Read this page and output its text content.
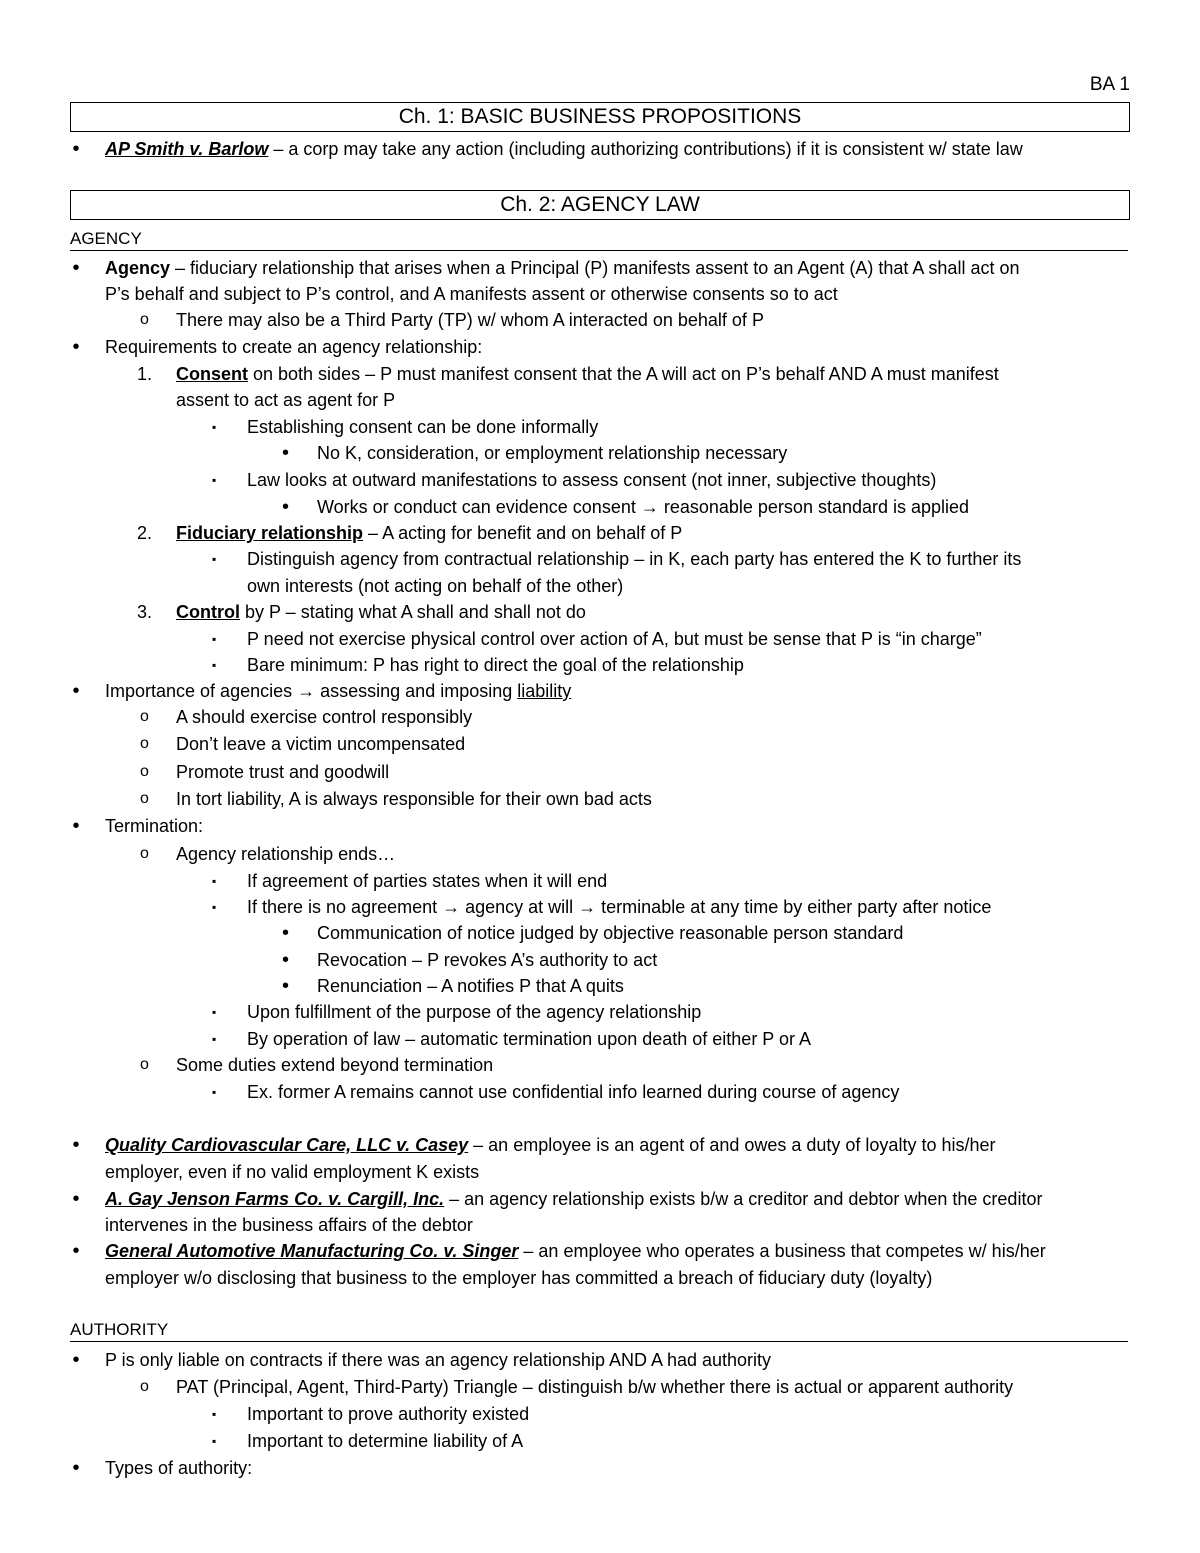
BA 1
Ch. 1: BASIC BUSINESS PROPOSITIONS
• AP Smith v. Barlow – a corp may take any action (including authorizing contributions) if it is consistent w/ state law
Ch. 2: AGENCY LAW
AGENCY
• Agency – fiduciary relationship that arises when a Principal (P) manifests assent to an Agent (A) that A shall act on
P’s behalf and subject to P’s control, and A manifests assent or otherwise consents so to act
o There may also be a Third Party (TP) w/ whom A interacted on behalf of P
• Requirements to create an agency relationship:
1. Consent on both sides – P must manifest consent that the A will act on P’s behalf AND A must manifest
assent to act as agent for P
▪ Establishing consent can be done informally
• No K, consideration, or employment relationship necessary
▪ Law looks at outward manifestations to assess consent (not inner, subjective thoughts)
• Works or conduct can evidence consent → reasonable person standard is applied
2. Fiduciary relationship – A acting for benefit and on behalf of P
▪ Distinguish agency from contractual relationship – in K, each party has entered the K to further its
own interests (not acting on behalf of the other)
3. Control by P – stating what A shall and shall not do
▪ P need not exercise physical control over action of A, but must be sense that P is “in charge”
▪ Bare minimum: P has right to direct the goal of the relationship
• Importance of agencies → assessing and imposing liability
o A should exercise control responsibly
o Don’t leave a victim uncompensated
o Promote trust and goodwill
o In tort liability, A is always responsible for their own bad acts
• Termination:
o Agency relationship ends…
▪ If agreement of parties states when it will end
▪ If there is no agreement → agency at will → terminable at any time by either party after notice
• Communication of notice judged by objective reasonable person standard
• Revocation – P revokes A’s authority to act
• Renunciation – A notifies P that A quits
▪ Upon fulfillment of the purpose of the agency relationship
▪ By operation of law – automatic termination upon death of either P or A
o Some duties extend beyond termination
▪ Ex. former A remains cannot use confidential info learned during course of agency
• Quality Cardiovascular Care, LLC v. Casey – an employee is an agent of and owes a duty of loyalty to his/her
employer, even if no valid employment K exists
• A. Gay Jenson Farms Co. v. Cargill, Inc. – an agency relationship exists b/w a creditor and debtor when the creditor
intervenes in the business affairs of the debtor
• General Automotive Manufacturing Co. v. Singer – an employee who operates a business that competes w/ his/her
employer w/o disclosing that business to the employer has committed a breach of fiduciary duty (loyalty)
AUTHORITY
• P is only liable on contracts if there was an agency relationship AND A had authority
o PAT (Principal, Agent, Third-Party) Triangle – distinguish b/w whether there is actual or apparent authority
▪ Important to prove authority existed
▪ Important to determine liability of A
• Types of authority:
